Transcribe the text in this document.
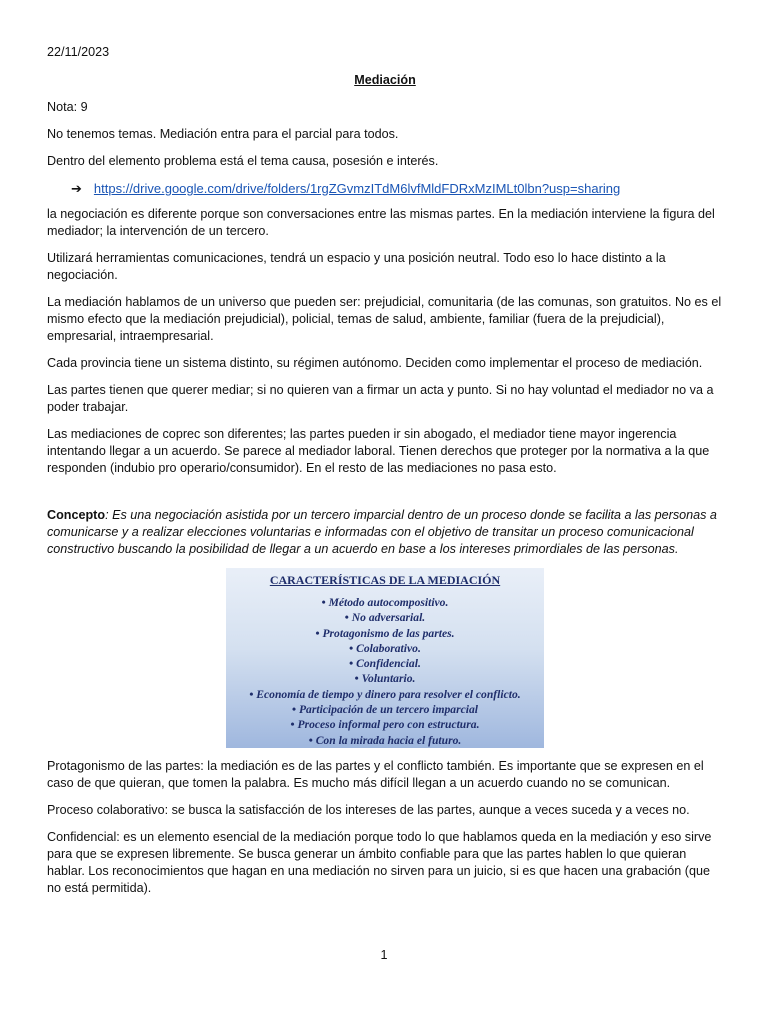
22/11/2023

Mediación

Nota: 9

No tenemos temas. Mediación entra para el parcial para todos.

Dentro del elemento problema está el tema causa, posesión e interés.

➔ https://drive.google.com/drive/folders/1rgZGvmzITdM6lvfMldFDRxMzIMLt0lbn?usp=sharing

la negociación es diferente porque son conversaciones entre las mismas partes. En la mediación interviene la figura del mediador; la intervención de un tercero.

Utilizará herramientas comunicaciones, tendrá un espacio y una posición neutral. Todo eso lo hace distinto a la negociación.

La mediación hablamos de un universo que pueden ser: prejudicial, comunitaria (de las comunas, son gratuitos. No es el mismo efecto que la mediación prejudicial), policial, temas de salud, ambiente, familiar (fuera de la prejudicial), empresarial, intraempresarial.

Cada provincia tiene un sistema distinto, su régimen autónomo. Deciden como implementar el proceso de mediación.

Las partes tienen que querer mediar; si no quieren van a firmar un acta y punto. Si no hay voluntad el mediador no va a poder trabajar.

Las mediaciones de coprec son diferentes; las partes pueden ir sin abogado, el mediador tiene mayor ingerencia intentando llegar a un acuerdo. Se parece al mediador laboral. Tienen derechos que proteger por la normativa a la que responden (indubio pro operario/consumidor). En el resto de las mediaciones no pasa esto.

Concepto: Es una negociación asistida por un tercero imparcial dentro de un proceso donde se facilita a las personas a comunicarse y a realizar elecciones voluntarias e informadas con el objetivo de transitar un proceso comunicacional constructivo buscando la posibilidad de llegar a un acuerdo en base a los intereses primordiales de las personas.

CARACTERÍSTICAS DE LA MEDIACIÓN
• Método autocompositivo.
• No adversarial.
• Protagonismo de las partes.
• Colaborativo.
• Confidencial.
• Voluntario.
• Economía de tiempo y dinero para resolver el conflicto.
• Participación de un tercero imparcial
• Proceso informal pero con estructura.
• Con la mirada hacia el futuro.

Protagonismo de las partes: la mediación es de las partes y el conflicto también. Es importante que se expresen en el caso de que quieran, que tomen la palabra. Es mucho más difícil llegan a un acuerdo cuando no se comunican.

Proceso colaborativo: se busca la satisfacción de los intereses de las partes, aunque a veces suceda y a veces no.

Confidencial: es un elemento esencial de la mediación porque todo lo que hablamos queda en la mediación y eso sirve para que se expresen libremente. Se busca generar un ámbito confiable para que las partes hablen lo que quieran hablar. Los reconocimientos que hagan en una mediación no sirven para un juicio, si es que hacen una grabación (que no está permitida).

1
